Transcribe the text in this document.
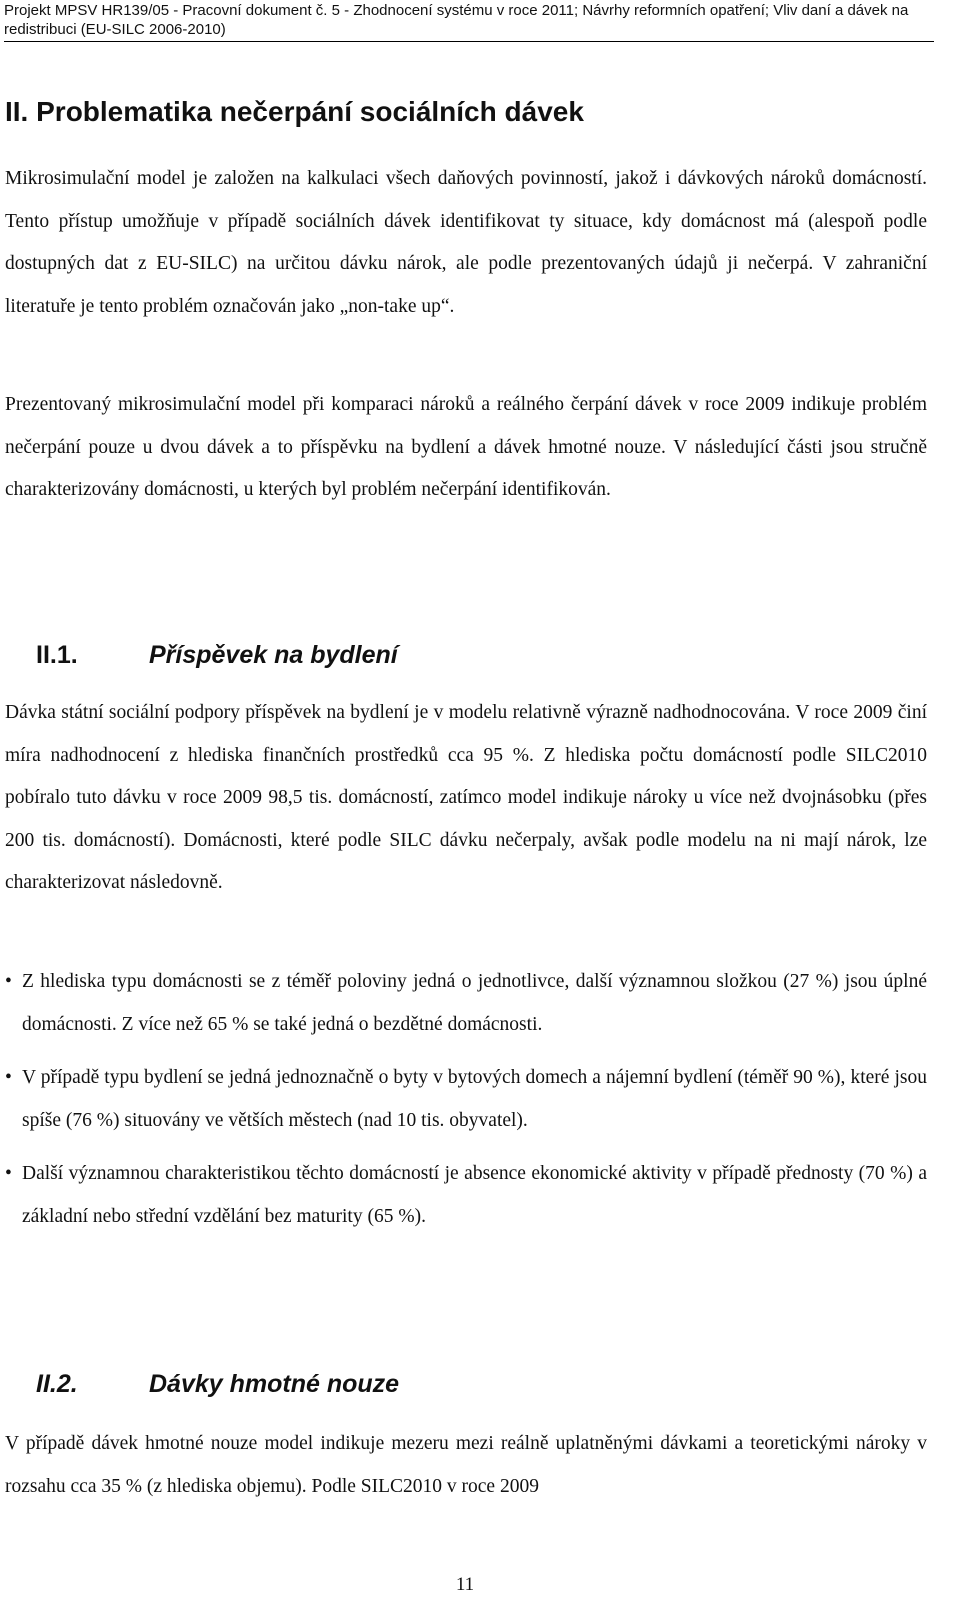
Projekt MPSV HR139/05 - Pracovní dokument č. 5 - Zhodnocení systému v roce 2011; Návrhy reformních opatření; Vliv daní a dávek na
redistribuci (EU-SILC 2006-2010)
II. Problematika nečerpání sociálních dávek

Mikrosimulační model je založen na kalkulaci všech daňových povinností, jakož i dávkových nároků domácností. Tento přístup umožňuje v případě sociálních dávek identifikovat ty situace, kdy domácnost má (alespoň podle dostupných dat z EU-SILC) na určitou dávku nárok, ale podle prezentovaných údajů ji nečerpá. V zahraniční literatuře je tento problém označován jako „non-take up“.

Prezentovaný mikrosimulační model při komparaci nároků a reálného čerpání dávek v roce 2009 indikuje problém nečerpání pouze u dvou dávek a to příspěvku na bydlení a dávek hmotné nouze. V následující části jsou stručně charakterizovány domácnosti, u kterých byl problém nečerpání identifikován.

II.1.	Příspěvek na bydlení

Dávka státní sociální podpory příspěvek na bydlení je v modelu relativně výrazně nadhodnocována. V roce 2009 činí míra nadhodnocení z hlediska finančních prostředků cca 95 %. Z hlediska počtu domácností podle SILC2010 pobíralo tuto dávku v roce 2009 98,5 tis. domácností, zatímco model indikuje nároky u více než dvojnásobku (přes 200 tis. domácností). Domácnosti, které podle SILC dávku nečerpaly, avšak podle modelu na ni mají nárok, lze charakterizovat následovně.

• Z hlediska typu domácnosti se z téměř poloviny jedná o jednotlivce, další významnou složkou (27 %) jsou úplné domácnosti. Z více než 65 % se také jedná o bezdětné domácnosti.
• V případě typu bydlení se jedná jednoznačně o byty v bytových domech a nájemní bydlení (téměř 90 %), které jsou spíše (76 %) situovány ve větších městech (nad 10 tis. obyvatel).
• Další významnou charakteristikou těchto domácností je absence ekonomické aktivity v případě přednosty (70 %) a základní nebo střední vzdělání bez maturity (65 %).
II.2.	Dávky hmotné nouze

V případě dávek hmotné nouze model indikuje mezeru mezi reálně uplatněnými dávkami a teoretickými nároky v rozsahu cca 35 % (z hlediska objemu). Podle SILC2010 v roce 2009

11
